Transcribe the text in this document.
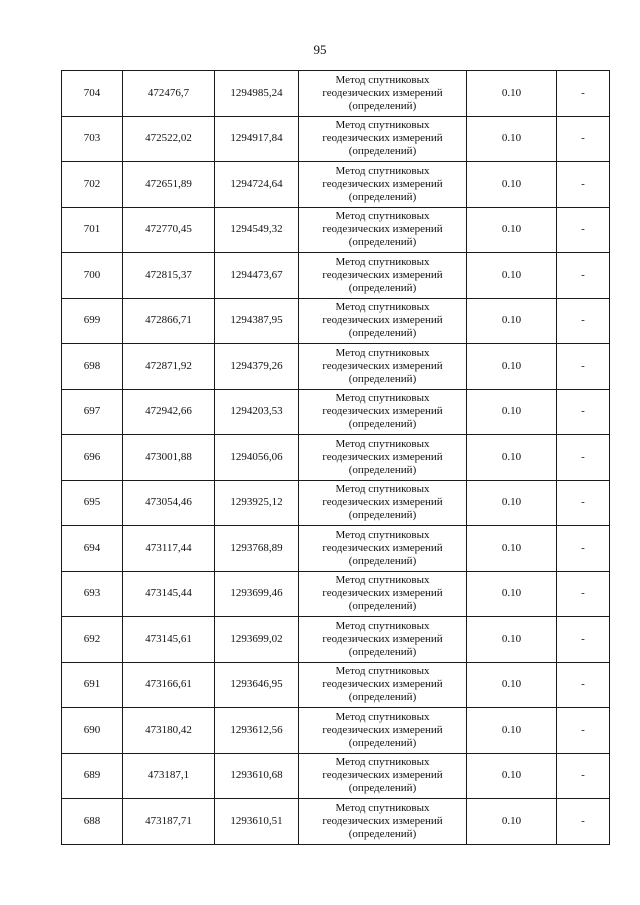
95
704	472476,7	1294985,24	Метод спутниковых
геодезических измерений
(определений)	0.10	-
703	472522,02	1294917,84	Метод спутниковых
геодезических измерений
(определений)	0.10	-
702	472651,89	1294724,64	Метод спутниковых
геодезических измерений
(определений)	0.10	-
701	472770,45	1294549,32	Метод спутниковых
геодезических измерений
(определений)	0.10	-
700	472815,37	1294473,67	Метод спутниковых
геодезических измерений
(определений)	0.10	-
699	472866,71	1294387,95	Метод спутниковых
геодезических измерений
(определений)	0.10	-
698	472871,92	1294379,26	Метод спутниковых
геодезических измерений
(определений)	0.10	-
697	472942,66	1294203,53	Метод спутниковых
геодезических измерений
(определений)	0.10	-
696	473001,88	1294056,06	Метод спутниковых
геодезических измерений
(определений)	0.10	-
695	473054,46	1293925,12	Метод спутниковых
геодезических измерений
(определений)	0.10	-
694	473117,44	1293768,89	Метод спутниковых
геодезических измерений
(определений)	0.10	-
693	473145,44	1293699,46	Метод спутниковых
геодезических измерений
(определений)	0.10	-
692	473145,61	1293699,02	Метод спутниковых
геодезических измерений
(определений)	0.10	-
691	473166,61	1293646,95	Метод спутниковых
геодезических измерений
(определений)	0.10	-
690	473180,42	1293612,56	Метод спутниковых
геодезических измерений
(определений)	0.10	-
689	473187,1	1293610,68	Метод спутниковых
геодезических измерений
(определений)	0.10	-
688	473187,71	1293610,51	Метод спутниковых
геодезических измерений
(определений)	0.10	-
